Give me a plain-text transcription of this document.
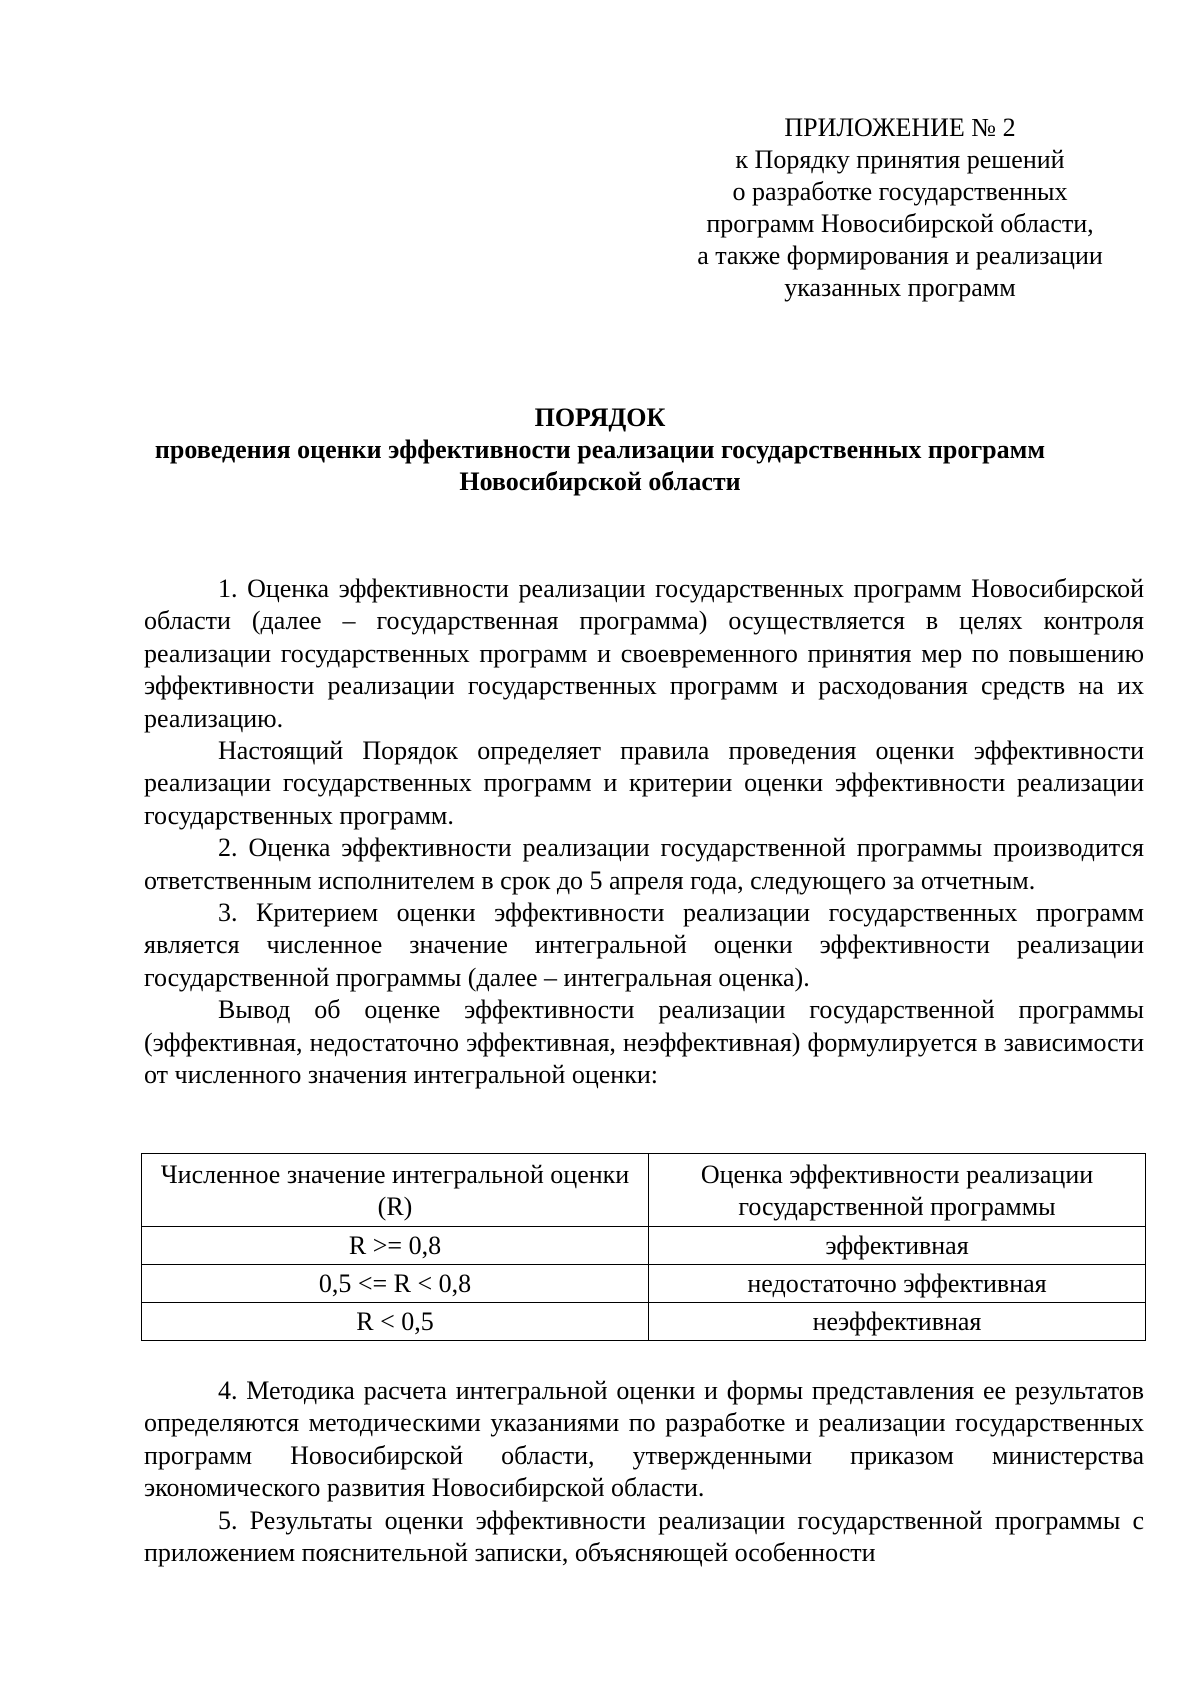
ПРИЛОЖЕНИЕ № 2
к Порядку принятия решений
о разработке государственных
программ Новосибирской области,
а также формирования и реализации
указанных программ
ПОРЯДОК
проведения оценки эффективности реализации государственных программ
Новосибирской области

1. Оценка эффективности реализации государственных программ Новосибирской области (далее – государственная программа) осуществляется в целях контроля реализации государственных программ и своевременного принятия мер по повышению эффективности реализации государственных программ и расходования средств на их реализацию.

Настоящий Порядок определяет правила проведения оценки эффективности реализации государственных программ и критерии оценки эффективности реализации государственных программ.

2. Оценка эффективности реализации государственной программы производится ответственным исполнителем в срок до 5 апреля года, следующего за отчетным.

3. Критерием оценки эффективности реализации государственных программ является численное значение интегральной оценки эффективности реализации государственной программы (далее – интегральная оценка).

Вывод об оценке эффективности реализации государственной программы (эффективная, недостаточно эффективная, неэффективная) формулируется в зависимости от численного значения интегральной оценки:

Численное значение интегральной оценки (R)	Оценка эффективности реализации государственной программы
R >= 0,8	эффективная
0,5 <= R < 0,8	недостаточно эффективная
R < 0,5	неэффективная

4. Методика расчета интегральной оценки и формы представления ее результатов определяются методическими указаниями по разработке и реализации государственных программ Новосибирской области, утвержденными приказом министерства экономического развития Новосибирской области.

5. Результаты оценки эффективности реализации государственной программы с приложением пояснительной записки, объясняющей особенности
